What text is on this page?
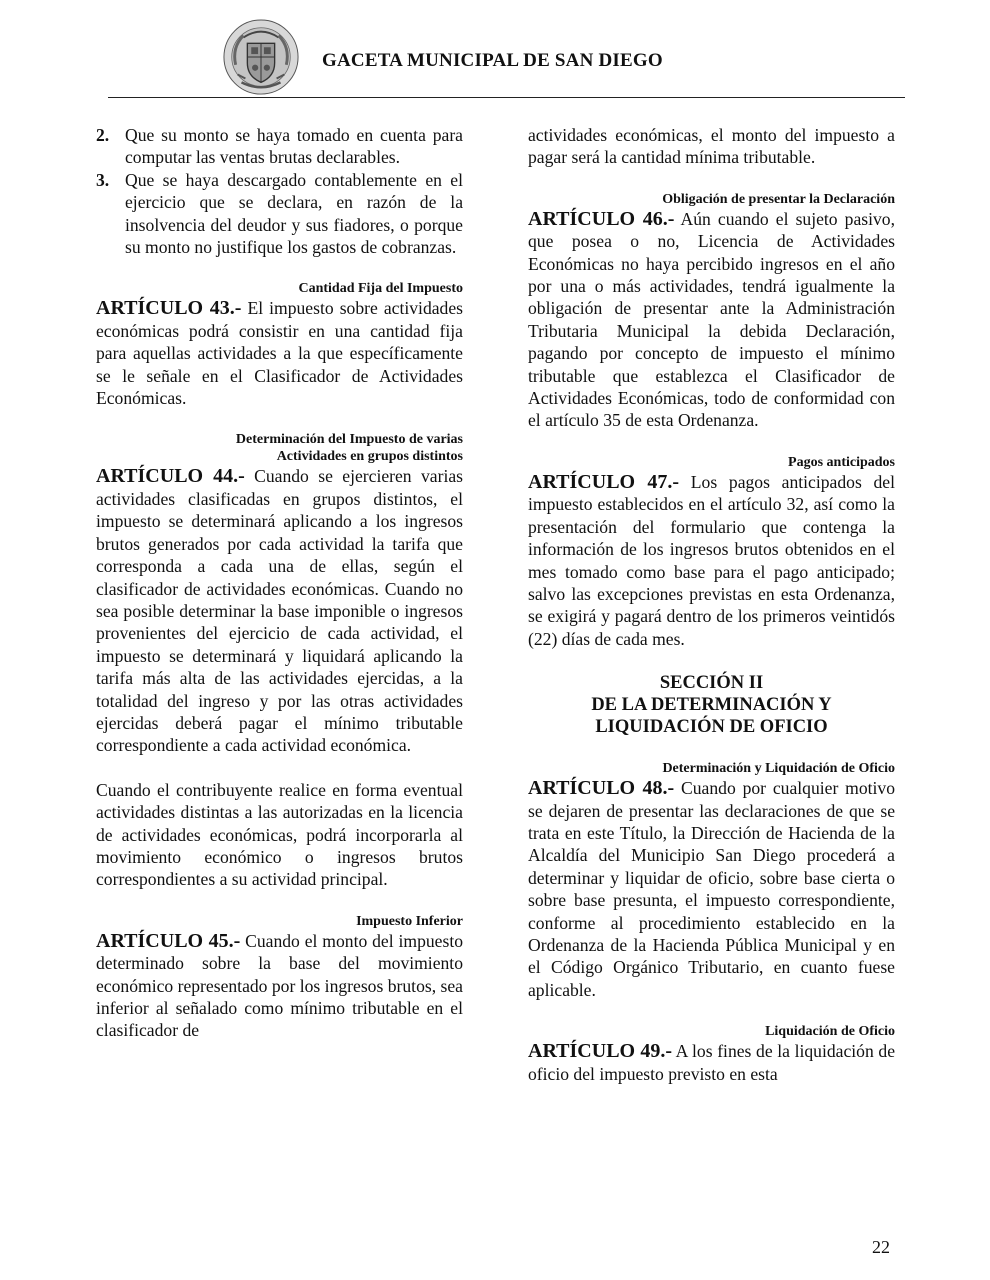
GACETA MUNICIPAL DE SAN DIEGO
2. Que su monto se haya tomado en cuenta para computar las ventas brutas declarables.
3. Que se haya descargado contablemente en el ejercicio que se declara, en razón de la insolvencia del deudor y sus fiadores, o porque su monto no justifique los gastos de cobranzas.

Cantidad Fija del Impuesto

ARTÍCULO 43.- El impuesto sobre actividades económicas podrá consistir en una cantidad fija para aquellas actividades a la que específicamente se le señale en el Clasificador de Actividades Económicas.

Determinación del Impuesto de varias

Actividades en grupos distintos

ARTÍCULO 44.- Cuando se ejercieren varias actividades clasificadas en grupos distintos, el impuesto se determinará aplicando a los ingresos brutos generados por cada actividad la tarifa que corresponda a cada una de ellas, según el clasificador de actividades económicas. Cuando no sea posible determinar la base imponible o ingresos provenientes del ejercicio de cada actividad, el impuesto se determinará y liquidará aplicando la tarifa más alta de las actividades ejercidas, a la totalidad del ingreso y por las otras actividades ejercidas deberá pagar el mínimo tributable correspondiente a cada actividad económica.

Cuando el contribuyente realice en forma eventual actividades distintas a las autorizadas en la licencia de actividades económicas, podrá incorporarla al movimiento económico o ingresos brutos correspondientes a su actividad principal.

Impuesto Inferior

ARTÍCULO 45.- Cuando el monto del impuesto determinado sobre la base del movimiento económico representado por los ingresos brutos, sea inferior al señalado como mínimo tributable en el clasificador de

actividades económicas, el monto del impuesto a pagar será la cantidad mínima tributable.

Obligación de presentar la Declaración

ARTÍCULO 46.- Aún cuando el sujeto pasivo, que posea o no, Licencia de Actividades Económicas no haya percibido ingresos en el año por una o más actividades, tendrá igualmente la obligación de presentar ante la Administración Tributaria Municipal la debida Declaración, pagando por concepto de impuesto el mínimo tributable que establezca el Clasificador de Actividades Económicas, todo de conformidad con el artículo 35 de esta Ordenanza.

Pagos anticipados

ARTÍCULO 47.- Los pagos anticipados del impuesto establecidos en el artículo 32, así como la presentación del formulario que contenga la información de los ingresos brutos obtenidos en el mes tomado como base para el pago anticipado; salvo las excepciones previstas en esta Ordenanza, se exigirá y pagará dentro de los primeros veintidós (22) días de cada mes.

SECCIÓN II

DE LA DETERMINACIÓN Y

LIQUIDACIÓN DE OFICIO

Determinación y Liquidación de Oficio

ARTÍCULO 48.- Cuando por cualquier motivo se dejaren de presentar las declaraciones de que se trata en este Título, la Dirección de Hacienda de la Alcaldía del Municipio San Diego procederá a determinar y liquidar de oficio, sobre base cierta o sobre base presunta, el impuesto correspondiente, conforme al procedimiento establecido en la Ordenanza de la Hacienda Pública Municipal y en el Código Orgánico Tributario, en cuanto fuese aplicable.

Liquidación de Oficio

ARTÍCULO 49.- A los fines de la liquidación de oficio del impuesto previsto en esta

22
